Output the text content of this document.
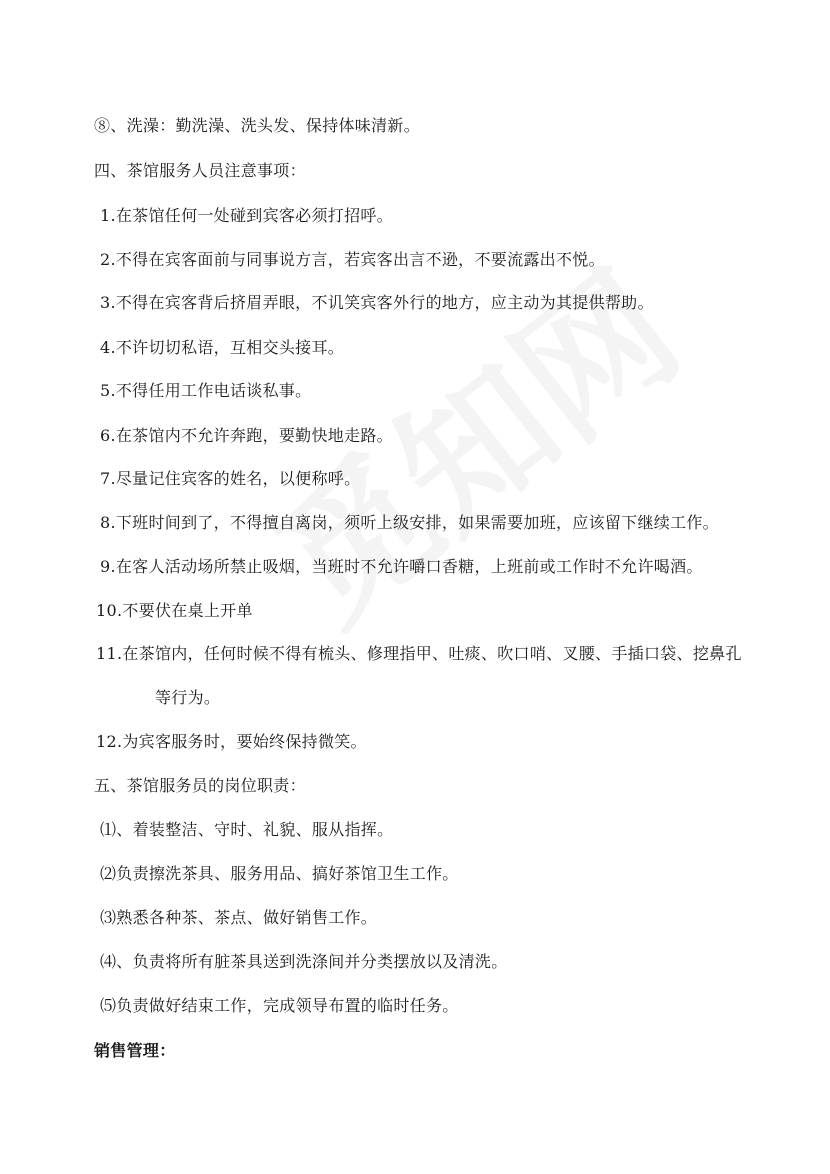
⑧、洗澡：勤洗澡、洗头发、保持体味清新。
四、茶馆服务人员注意事项：
1.在茶馆任何一处碰到宾客必须打招呼。
2.不得在宾客面前与同事说方言，若宾客出言不逊，不要流露出不悦。
3.不得在宾客背后挤眉弄眼，不讥笑宾客外行的地方，应主动为其提供帮助。
4.不许切切私语，互相交头接耳。
5.不得任用工作电话谈私事。
6.在茶馆内不允许奔跑，要勤快地走路。
7.尽量记住宾客的姓名，以便称呼。
8.下班时间到了，不得擅自离岗，须听上级安排，如果需要加班，应该留下继续工作。
9.在客人活动场所禁止吸烟，当班时不允许嚼口香糖，上班前或工作时不允许喝酒。
10.不要伏在桌上开单
11.在茶馆内，任何时候不得有梳头、修理指甲、吐痰、吹口哨、叉腰、手插口袋、挖鼻孔
等行为。
12.为宾客服务时，要始终保持微笑。
五、茶馆服务员的岗位职责：
⑴、着装整洁、守时、礼貌、服从指挥。
⑵负责擦洗茶具、服务用品、搞好茶馆卫生工作。
⑶熟悉各种茶、茶点、做好销售工作。
⑷、负责将所有脏茶具送到洗涤间并分类摆放以及清洗。
⑸负责做好结束工作，完成领导布置的临时任务。
销售管理：
